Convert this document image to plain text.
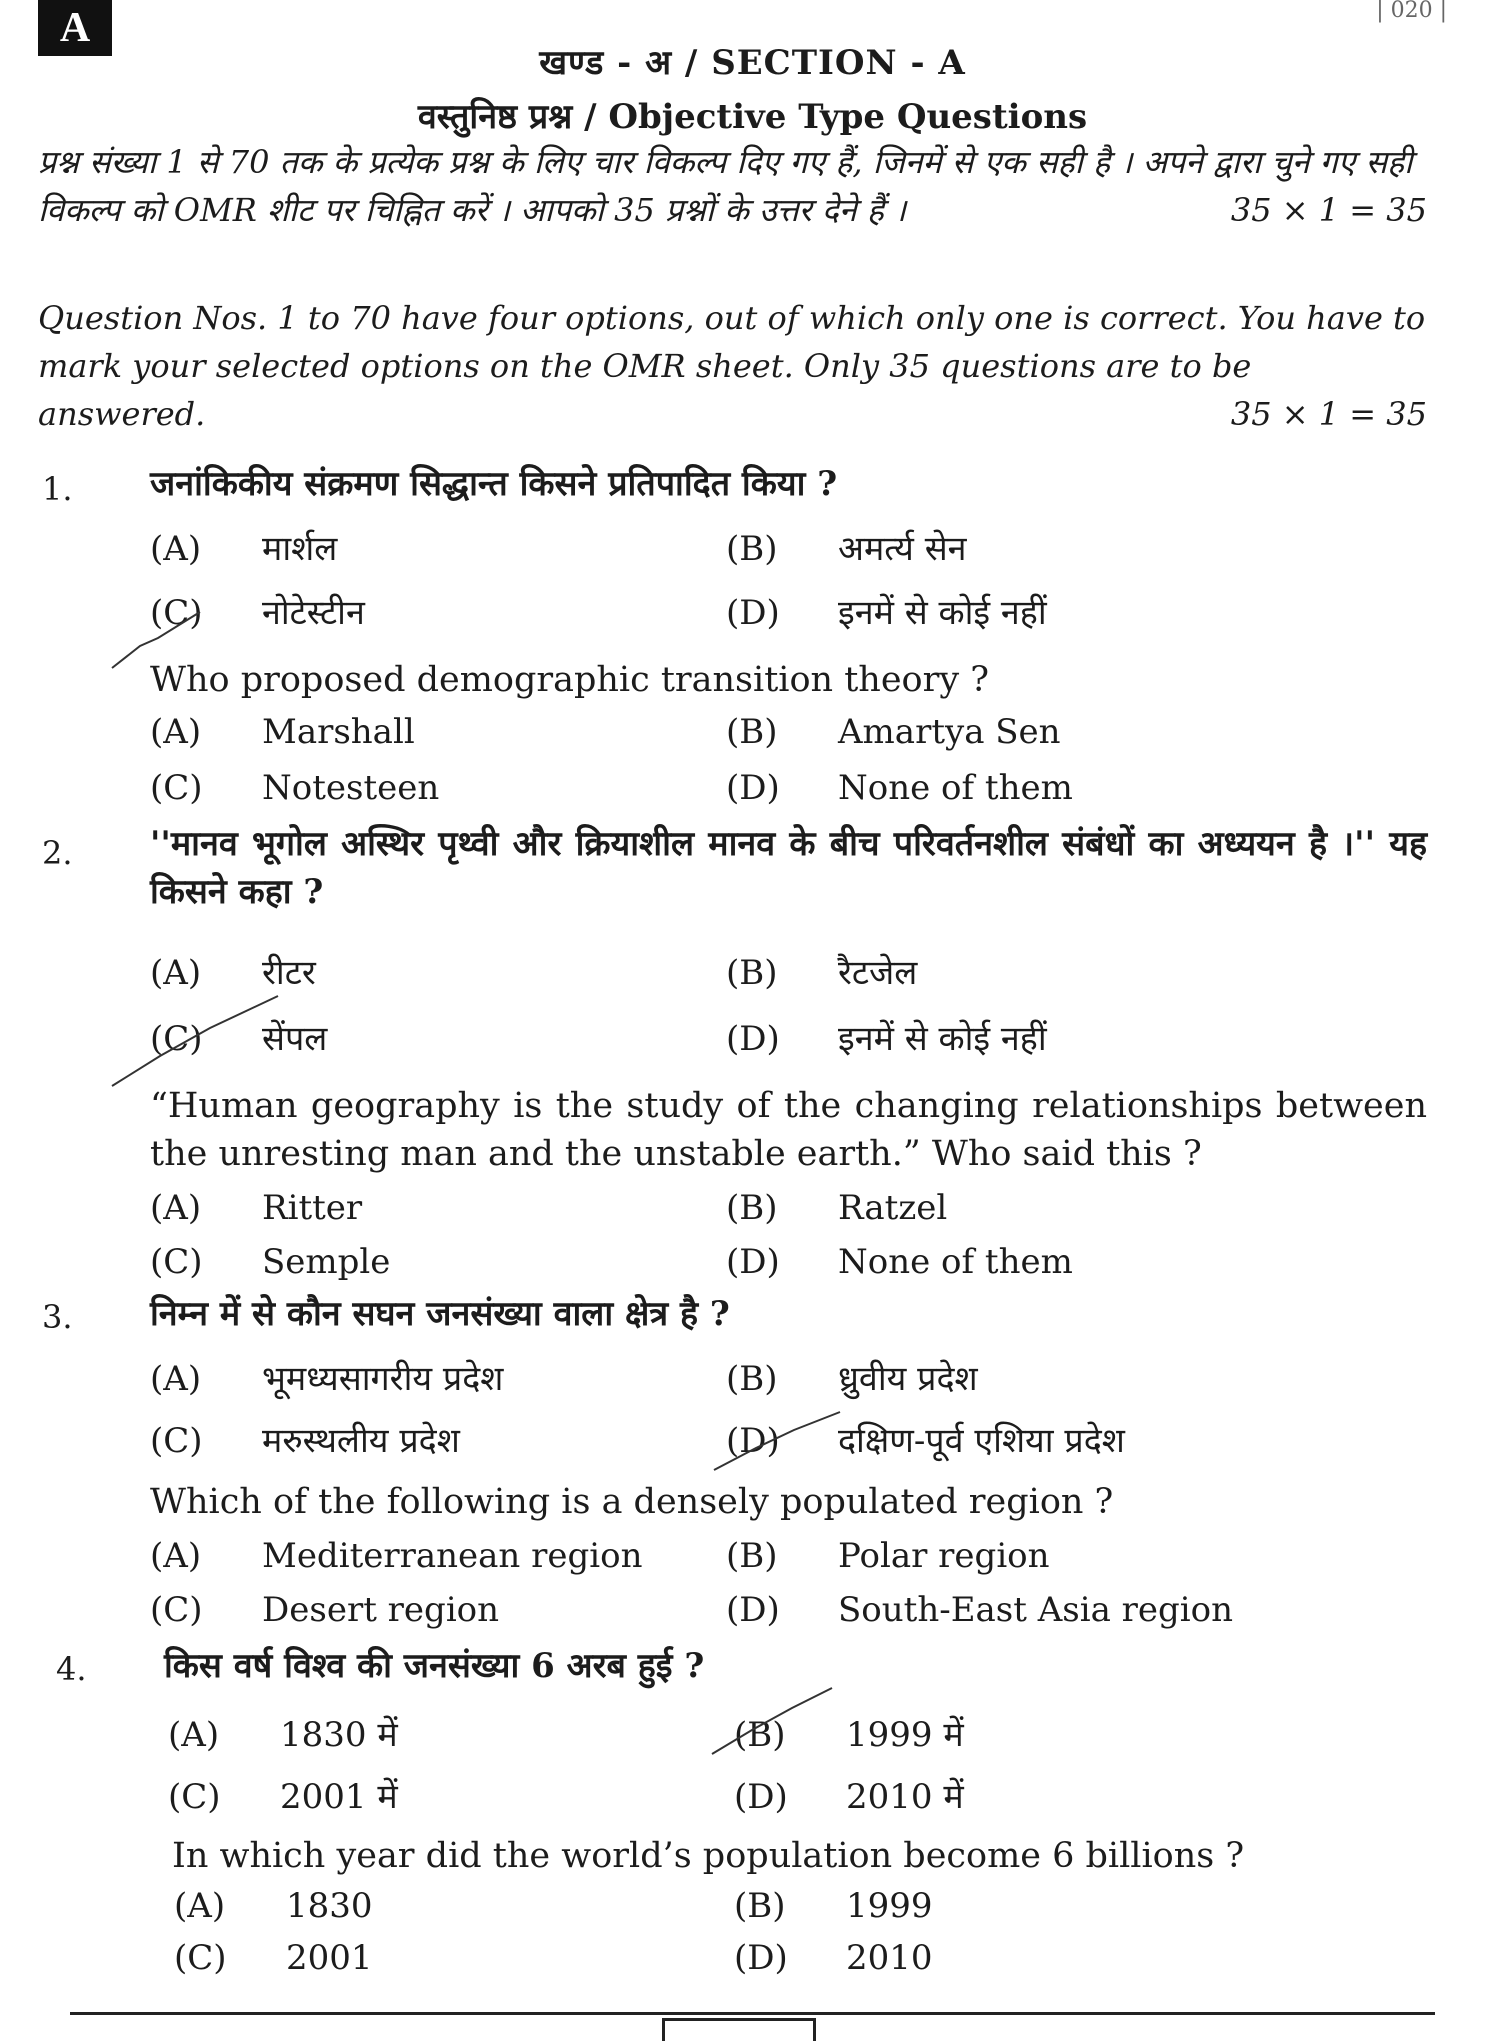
A	| 020 |
खण्ड - अ / SECTION - A
वस्तुनिष्ठ प्रश्न / Objective Type Questions
प्रश्न संख्या 1 से 70 तक के प्रत्येक प्रश्न के लिए चार विकल्प दिए गए हैं, जिनमें से एक सही है । अपने द्वारा चुने गए सही विकल्प को OMR शीट पर चिह्नित करें । आपको 35 प्रश्नों के उत्तर देने हैं ।	35 × 1 = 35
Question Nos. 1 to 70 have four options, out of which only one is correct. You have to mark your selected options on the OMR sheet. Only 35 questions are to be answered.	35 × 1 = 35
1. जनांकिकीय संक्रमण सिद्धान्त किसने प्रतिपादित किया ?
(A) मार्शल	(B) अमर्त्य सेन
(C) नोटेस्टीन	(D) इनमें से कोई नहीं
Who proposed demographic transition theory ?
(A) Marshall	(B) Amartya Sen
(C) Notesteen	(D) None of them
2. ''मानव भूगोल अस्थिर पृथ्वी और क्रियाशील मानव के बीच परिवर्तनशील संबंधों का अध्ययन है ।'' यह किसने कहा ?
(A) रीटर	(B) रैटजेल
(C) सेंपल	(D) इनमें से कोई नहीं
“Human geography is the study of the changing relationships between the unresting man and the unstable earth.” Who said this ?
(A) Ritter	(B) Ratzel
(C) Semple	(D) None of them
3. निम्न में से कौन सघन जनसंख्या वाला क्षेत्र है ?
(A) भूमध्यसागरीय प्रदेश	(B) ध्रुवीय प्रदेश
(C) मरुस्थलीय प्रदेश	(D) दक्षिण-पूर्व एशिया प्रदेश
Which of the following is a densely populated region ?
(A) Mediterranean region (B) Polar region
(C) Desert region	(D) South-East Asia region
4. किस वर्ष विश्व की जनसंख्या 6 अरब हुई ?
(A) 1830 में	(B) 1999 में
(C) 2001 में	(D) 2010 में
In which year did the world’s population become 6 billions ?
(A) 1830	(B) 1999
(C) 2001	(D) 2010
